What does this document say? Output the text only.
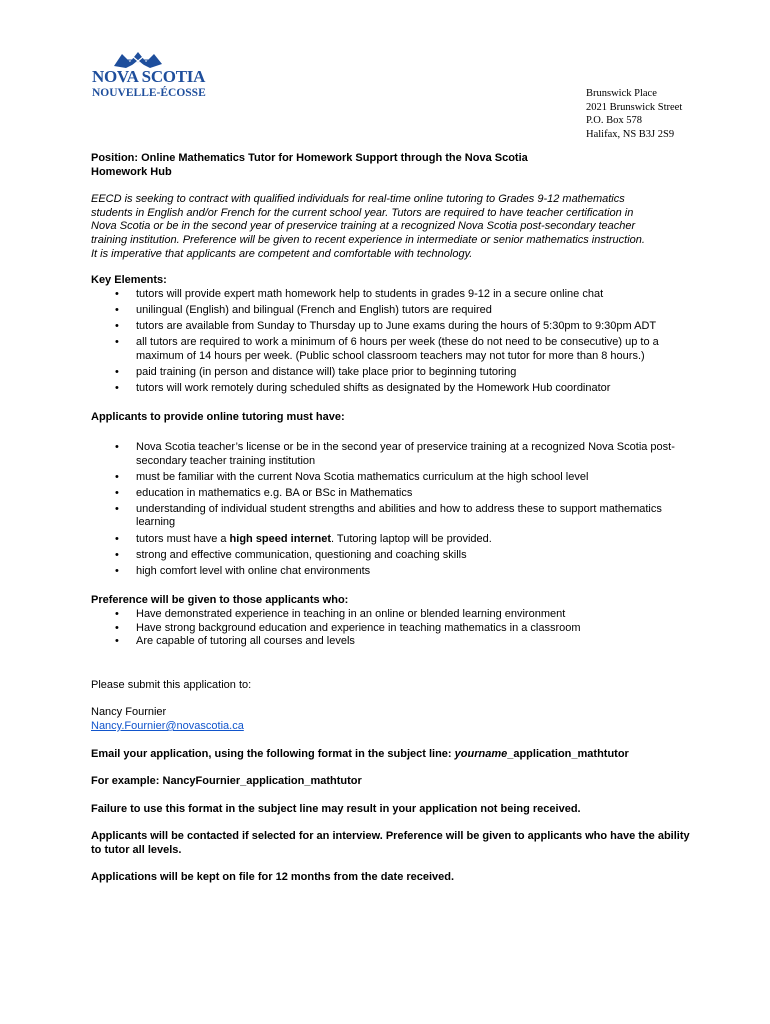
NOVA SCOTIA
NOUVELLE-ÉCOSSE	Brunswick Place
2021 Brunswick Street
P.O. Box 578
Halifax, NS B3J 2S9

Position: Online Mathematics Tutor for Homework Support through the Nova Scotia
Homework Hub

EECD is seeking to contract with qualified individuals for real-time online tutoring to Grades 9-12 mathematics
students in English and/or French for the current school year. Tutors are required to have teacher certification in
Nova Scotia or be in the second year of preservice training at a recognized Nova Scotia post-secondary teacher
training institution. Preference will be given to recent experience in intermediate or senior mathematics instruction.
It is imperative that applicants are competent and comfortable with technology.

Key Elements:

• tutors will provide expert math homework help to students in grades 9-12 in a secure online chat
• unilingual (English) and bilingual (French and English) tutors are required
• tutors are available from Sunday to Thursday up to June exams during the hours of 5:30pm to 9:30pm ADT
• all tutors are required to work a minimum of 6 hours per week (these do not need to be consecutive) up to a maximum of 14 hours per week. (Public school classroom teachers may not tutor for more than 8 hours.)
• paid training (in person and distance will) take place prior to beginning tutoring
• tutors will work remotely during scheduled shifts as designated by the Homework Hub coordinator

Applicants to provide online tutoring must have:

• Nova Scotia teacher’s license or be in the second year of preservice training at a recognized Nova Scotia post-secondary teacher training institution
• must be familiar with the current Nova Scotia mathematics curriculum at the high school level
• education in mathematics e.g. BA or BSc in Mathematics
• understanding of individual student strengths and abilities and how to address these to support mathematics learning
• tutors must have a high speed internet. Tutoring laptop will be provided.
• strong and effective communication, questioning and coaching skills
• high comfort level with online chat environments

Preference will be given to those applicants who:

• Have demonstrated experience in teaching in an online or blended learning environment
• Have strong background education and experience in teaching mathematics in a classroom
• Are capable of tutoring all courses and levels

Please submit this application to:

Nancy Fournier

Nancy.Fournier@novascotia.ca

Email your application, using the following format in the subject line: yourname_application_mathtutor

For example: NancyFournier_application_mathtutor

Failure to use this format in the subject line may result in your application not being received.

Applicants will be contacted if selected for an interview. Preference will be given to applicants who have the ability to tutor all levels.

Applications will be kept on file for 12 months from the date received.
